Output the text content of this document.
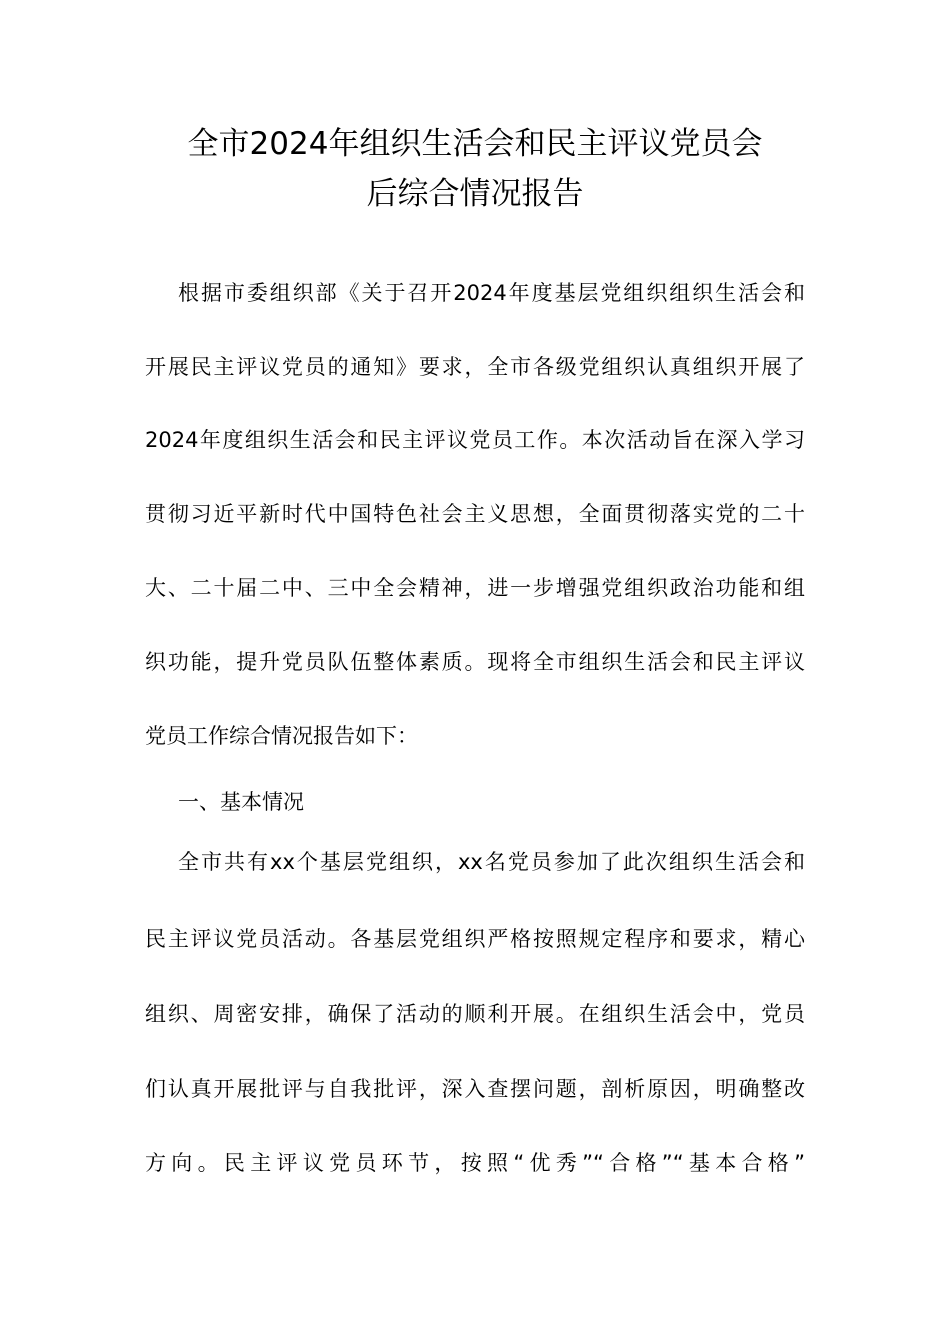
全市2024年组织生活会和民主评议党员会
后综合情况报告
根据市委组织部《关于召开2024年度基层党组织组织生活会和
开展民主评议党员的通知》要求，全市各级党组织认真组织开展了
2024年度组织生活会和民主评议党员工作。本次活动旨在深入学习
贯彻习近平新时代中国特色社会主义思想，全面贯彻落实党的二十
大、二十届二中、三中全会精神，进一步增强党组织政治功能和组
织功能，提升党员队伍整体素质。现将全市组织生活会和民主评议
党员工作综合情况报告如下：
一、基本情况
全市共有xx个基层党组织，xx名党员参加了此次组织生活会和
民主评议党员活动。各基层党组织严格按照规定程序和要求，精心
组织、周密安排，确保了活动的顺利开展。在组织生活会中，党员
们认真开展批评与自我批评，深入查摆问题，剖析原因，明确整改
方向。民主评议党员环节，按照“优秀”“合格”“基本合格”
